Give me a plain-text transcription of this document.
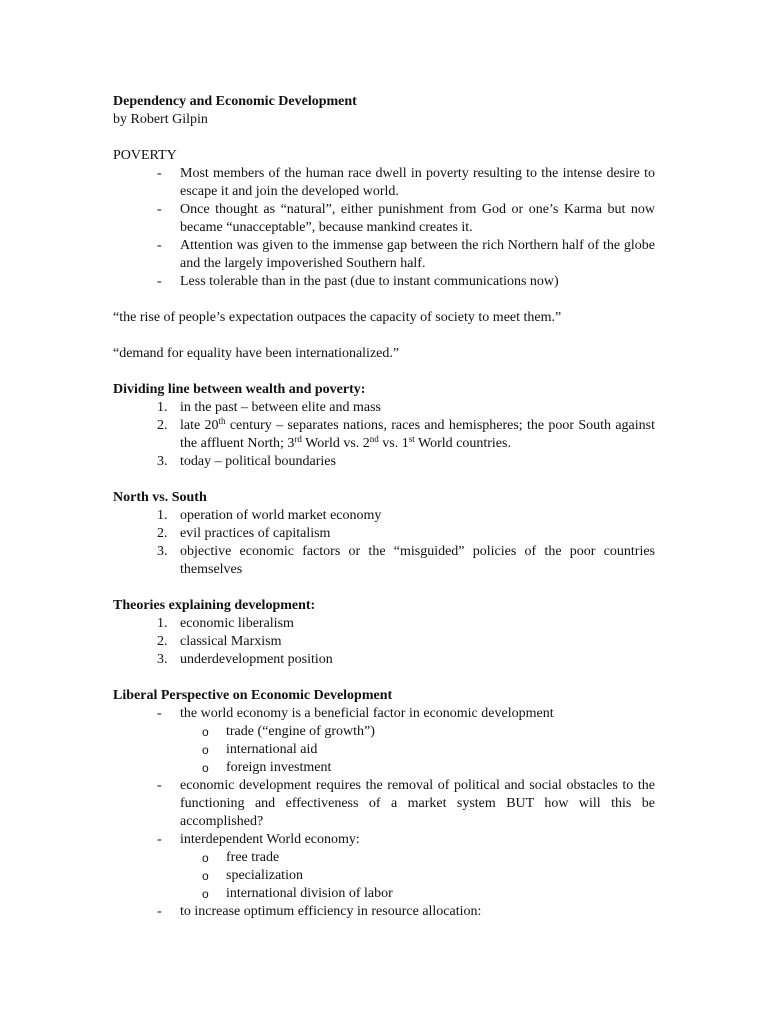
Dependency and Economic Development
by Robert Gilpin
POVERTY
- Most members of the human race dwell in poverty resulting to the intense desire to escape it and join the developed world.
- Once thought as “natural”, either punishment from God or one’s Karma but now became “unacceptable”, because mankind creates it.
- Attention was given to the immense gap between the rich Northern half of the globe and the largely impoverished Southern half.
- Less tolerable than in the past (due to instant communications now)
“the rise of people’s expectation outpaces the capacity of society to meet them.”
“demand for equality have been internationalized.”
Dividing line between wealth and poverty:
1. in the past – between elite and mass
2. late 20th century – separates nations, races and hemispheres; the poor South against the affluent North; 3rd World vs. 2nd vs. 1st World countries.
3. today – political boundaries
North vs. South
1. operation of world market economy
2. evil practices of capitalism
3. objective economic factors or the “misguided” policies of the poor countries themselves
Theories explaining development:
1. economic liberalism
2. classical Marxism
3. underdevelopment position
Liberal Perspective on Economic Development
- the world economy is a beneficial factor in economic development
o trade (“engine of growth”)
o international aid
o foreign investment
- economic development requires the removal of political and social obstacles to the functioning and effectiveness of a market system BUT how will this be accomplished?
- interdependent World economy:
o free trade
o specialization
o international division of labor
- to increase optimum efficiency in resource allocation:
